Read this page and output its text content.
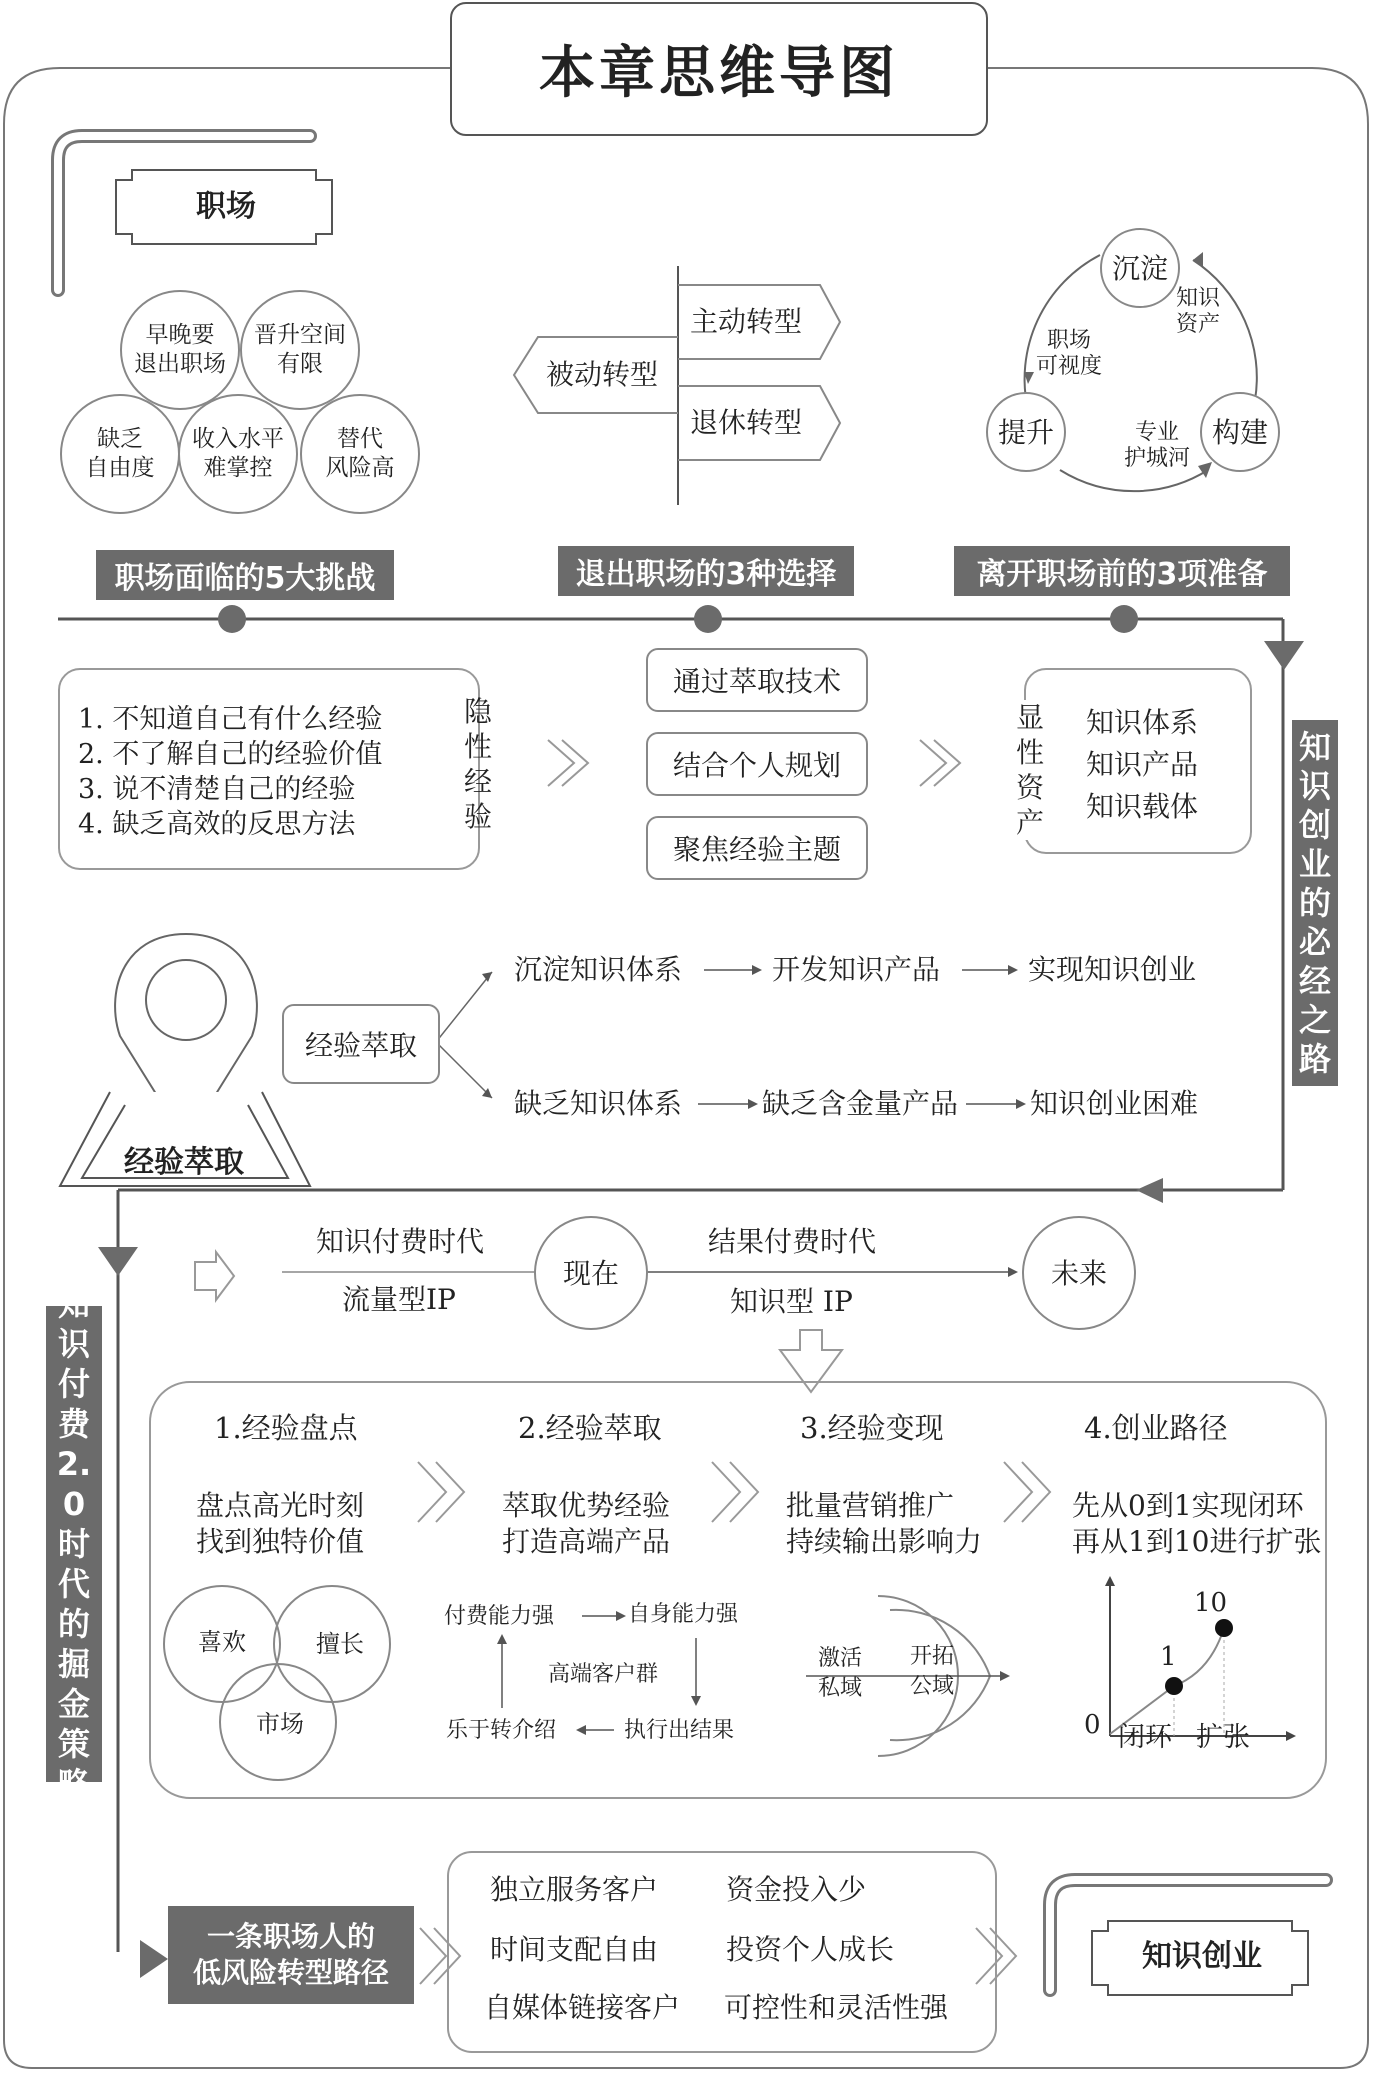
本章思维导图
职场
早晚要
退出职场
晋升空间
有限
缺乏
自由度
收入水平
难掌控
替代
风险高
职场面临的5大挑战
主动转型
退休转型
被动转型
退出职场的3种选择
沉淀
构建
提升
知识
资产
专业
护城河
职场
可视度
离开职场前的3项准备
1. 不知道自己有什么经验
2. 不了解自己的经验价值
3. 说不清楚自己的经验
4. 缺乏高效的反思方法
隐性经验
通过萃取技术
结合个人规划
聚焦经验主题
知识体系
知识产品
知识载体
显性资产
知识创业的必经之路
经验萃取
经验萃取
沉淀知识体系	开发知识产品	实现知识创业
缺乏知识体系	缺乏含金量产品	知识创业困难
知识付费2.0时代的掘金策略
知识付费时代
流量型IP
现在
结果付费时代
知识型 IP
未来
1.经验盘点	2.经验萃取	3.经验变现	4.创业路径
盘点高光时刻
找到独特价值
萃取优势经验
打造高端产品
批量营销推广
持续输出影响力
先从0到1实现闭环
再从1到10进行扩张
喜欢	擅长
市场
付费能力强	自身能力强
高端客户群
执行出结果
乐于转介绍
激活
私域
开拓
公域
0
1
10
闭环 扩张
一条职场人的
低风险转型路径
独立服务客户
时间支配自由
自媒体链接客户
资金投入少
投资个人成长
可控性和灵活性强
知识创业
